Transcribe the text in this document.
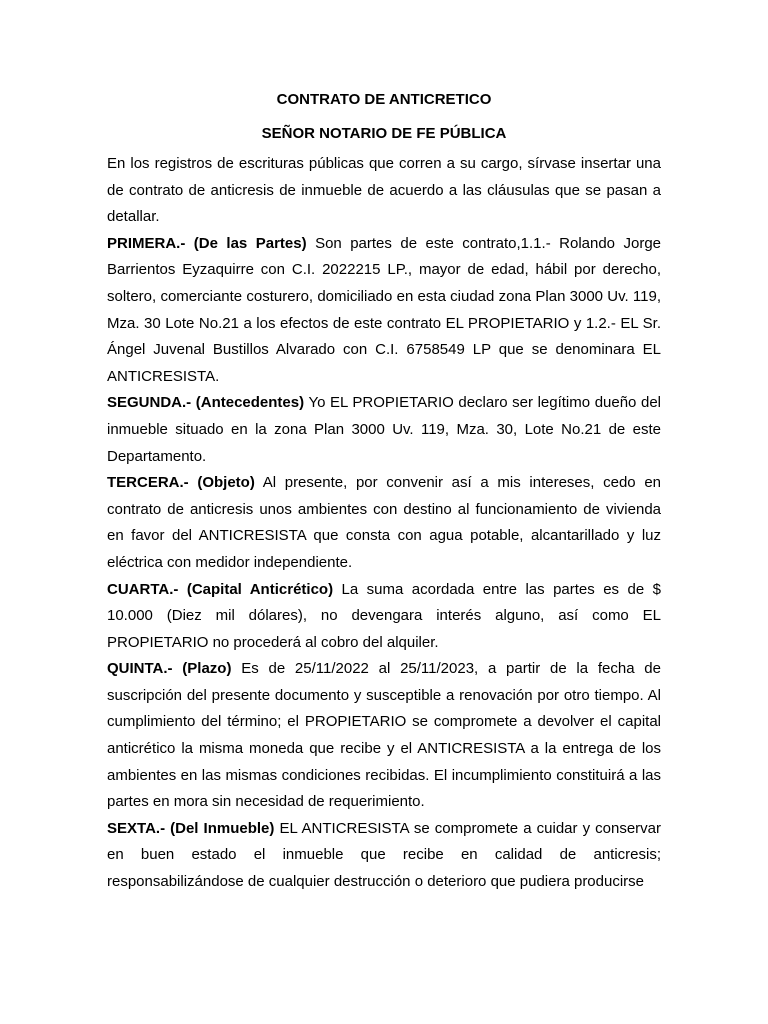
CONTRATO DE ANTICRETICO

SEÑOR NOTARIO DE FE PÚBLICA

En los registros de escrituras públicas que corren a su cargo, sírvase insertar una de contrato de anticresis de inmueble de acuerdo a las cláusulas que se pasan a detallar.

PRIMERA.- (De las Partes) Son partes de este contrato,1.1.- Rolando Jorge Barrientos Eyzaquirre con C.I. 2022215 LP., mayor de edad, hábil por derecho, soltero, comerciante costurero, domiciliado en esta ciudad zona Plan 3000 Uv. 119, Mza. 30 Lote No.21 a los efectos de este contrato EL PROPIETARIO y 1.2.- EL Sr. Ángel Juvenal Bustillos Alvarado con C.I. 6758549 LP que se denominara EL ANTICRESISTA.

SEGUNDA.- (Antecedentes) Yo EL PROPIETARIO declaro ser legítimo dueño del inmueble situado en la zona Plan 3000 Uv. 119, Mza. 30, Lote No.21 de este Departamento.

TERCERA.- (Objeto) Al presente, por convenir así a mis intereses, cedo en contrato de anticresis unos ambientes con destino al funcionamiento de vivienda en favor del ANTICRESISTA que consta con agua potable, alcantarillado y luz eléctrica con medidor independiente.

CUARTA.- (Capital Anticrético) La suma acordada entre las partes es de $ 10.000 (Diez mil dólares), no devengara interés alguno, así como EL PROPIETARIO no procederá al cobro del alquiler.

QUINTA.- (Plazo) Es de 25/11/2022 al 25/11/2023, a partir de la fecha de suscripción del presente documento y susceptible a renovación por otro tiempo. Al cumplimiento del término; el PROPIETARIO se compromete a devolver el capital anticrético la misma moneda que recibe y el ANTICRESISTA a la entrega de los ambientes en las mismas condiciones recibidas. El incumplimiento constituirá a las partes en mora sin necesidad de requerimiento.

SEXTA.- (Del Inmueble) EL ANTICRESISTA se compromete a cuidar y conservar en buen estado el inmueble que recibe en calidad de anticresis; responsabilizándose de cualquier destrucción o deterioro que pudiera producirse
